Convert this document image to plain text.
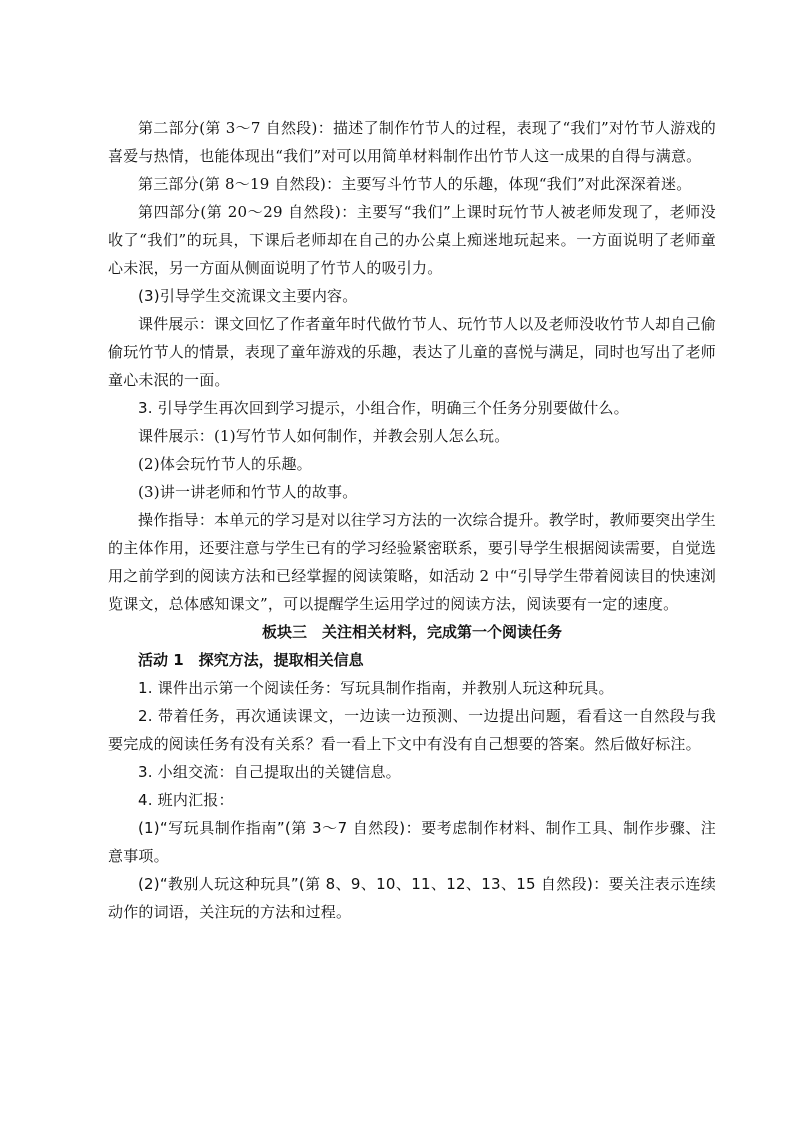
第二部分(第 3～7 自然段)：描述了制作竹节人的过程，表现了“我们”对竹节人游戏的喜爱与热情，也能体现出“我们”对可以用简单材料制作出竹节人这一成果的自得与满意。

第三部分(第 8～19 自然段)：主要写斗竹节人的乐趣，体现“我们”对此深深着迷。

第四部分(第 20～29 自然段)：主要写“我们”上课时玩竹节人被老师发现了，老师没收了“我们”的玩具，下课后老师却在自己的办公桌上痴迷地玩起来。一方面说明了老师童心未泯，另一方面从侧面说明了竹节人的吸引力。

(3)引导学生交流课文主要内容。

课件展示：课文回忆了作者童年时代做竹节人、玩竹节人以及老师没收竹节人却自己偷偷玩竹节人的情景，表现了童年游戏的乐趣，表达了儿童的喜悦与满足，同时也写出了老师童心未泯的一面。

3. 引导学生再次回到学习提示，小组合作，明确三个任务分别要做什么。

课件展示：(1)写竹节人如何制作，并教会别人怎么玩。

(2)体会玩竹节人的乐趣。

(3)讲一讲老师和竹节人的故事。

操作指导：本单元的学习是对以往学习方法的一次综合提升。教学时，教师要突出学生的主体作用，还要注意与学生已有的学习经验紧密联系，要引导学生根据阅读需要，自觉选用之前学到的阅读方法和已经掌握的阅读策略，如活动 2 中“引导学生带着阅读目的快速浏览课文，总体感知课文”，可以提醒学生运用学过的阅读方法，阅读要有一定的速度。

板块三　关注相关材料，完成第一个阅读任务

活动 1　探究方法，提取相关信息

1. 课件出示第一个阅读任务：写玩具制作指南，并教别人玩这种玩具。

2. 带着任务，再次通读课文，一边读一边预测、一边提出问题，看看这一自然段与我要完成的阅读任务有没有关系？看一看上下文中有没有自己想要的答案。然后做好标注。

3. 小组交流：自己提取出的关键信息。

4. 班内汇报：

(1)“写玩具制作指南”(第 3～7 自然段)：要考虑制作材料、制作工具、制作步骤、注意事项。

(2)“教别人玩这种玩具”(第 8、9、10、11、12、13、15 自然段)：要关注表示连续动作的词语，关注玩的方法和过程。
